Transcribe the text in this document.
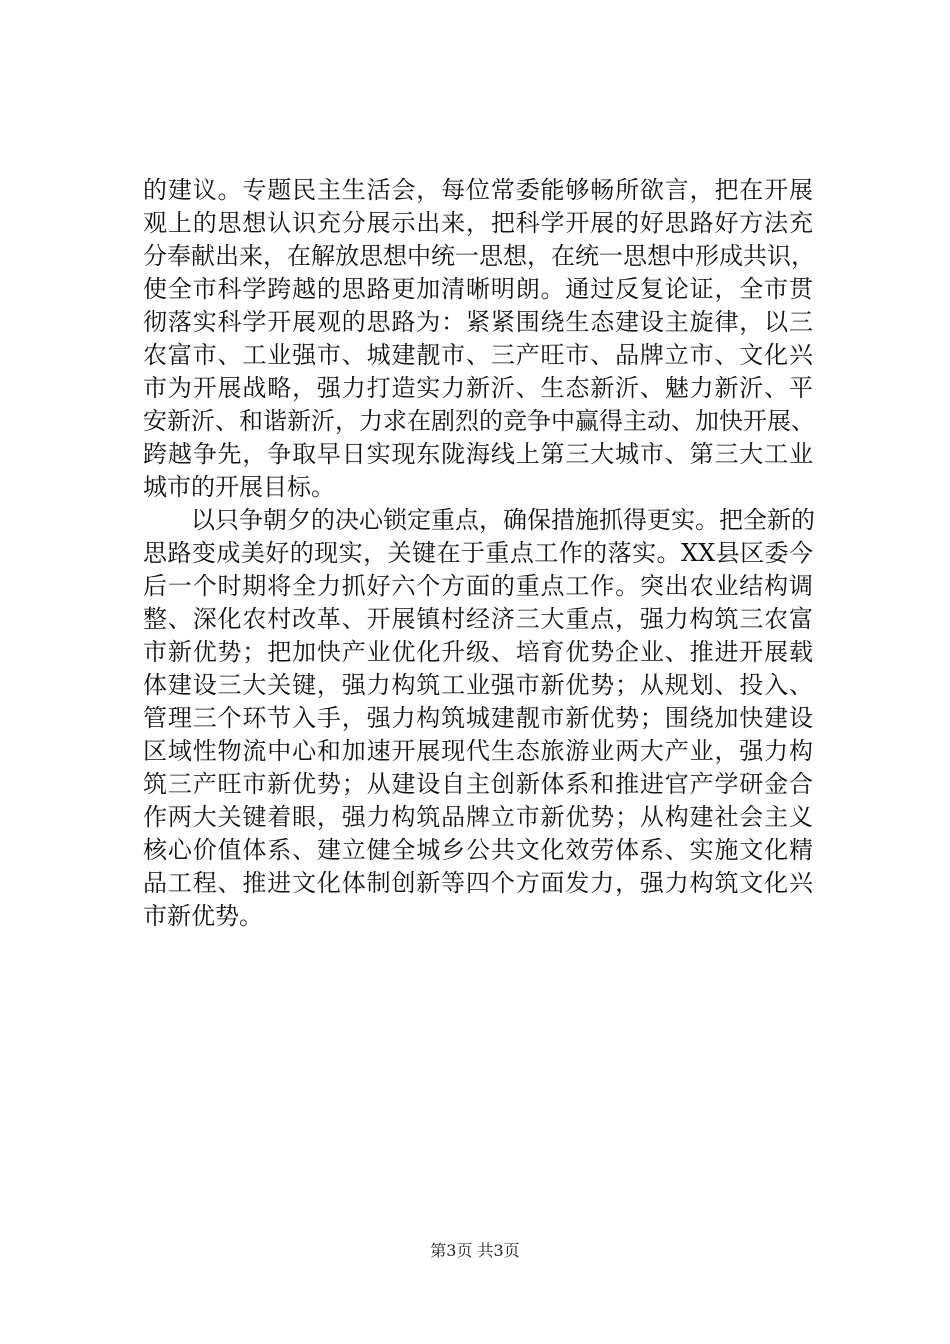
的建议。专题民主生活会，每位常委能够畅所欲言，把在开展
观上的思想认识充分展示出来，把科学开展的好思路好方法充
分奉献出来，在解放思想中统一思想，在统一思想中形成共识，
使全市科学跨越的思路更加清晰明朗。通过反复论证，全市贯
彻落实科学开展观的思路为：紧紧围绕生态建设主旋律，以三
农富市、工业强市、城建靓市、三产旺市、品牌立市、文化兴
市为开展战略，强力打造实力新沂、生态新沂、魅力新沂、平
安新沂、和谐新沂，力求在剧烈的竞争中赢得主动、加快开展、
跨越争先，争取早日实现东陇海线上第三大城市、第三大工业
城市的开展目标。
　　以只争朝夕的决心锁定重点，确保措施抓得更实。把全新的
思路变成美好的现实，关键在于重点工作的落实。XX县区委今
后一个时期将全力抓好六个方面的重点工作。突出农业结构调
整、深化农村改革、开展镇村经济三大重点，强力构筑三农富
市新优势；把加快产业优化升级、培育优势企业、推进开展载
体建设三大关键，强力构筑工业强市新优势；从规划、投入、
管理三个环节入手，强力构筑城建靓市新优势；围绕加快建设
区域性物流中心和加速开展现代生态旅游业两大产业，强力构
筑三产旺市新优势；从建设自主创新体系和推进官产学研金合
作两大关键着眼，强力构筑品牌立市新优势；从构建社会主义
核心价值体系、建立健全城乡公共文化效劳体系、实施文化精
品工程、推进文化体制创新等四个方面发力，强力构筑文化兴
市新优势。
第3页 共3页
